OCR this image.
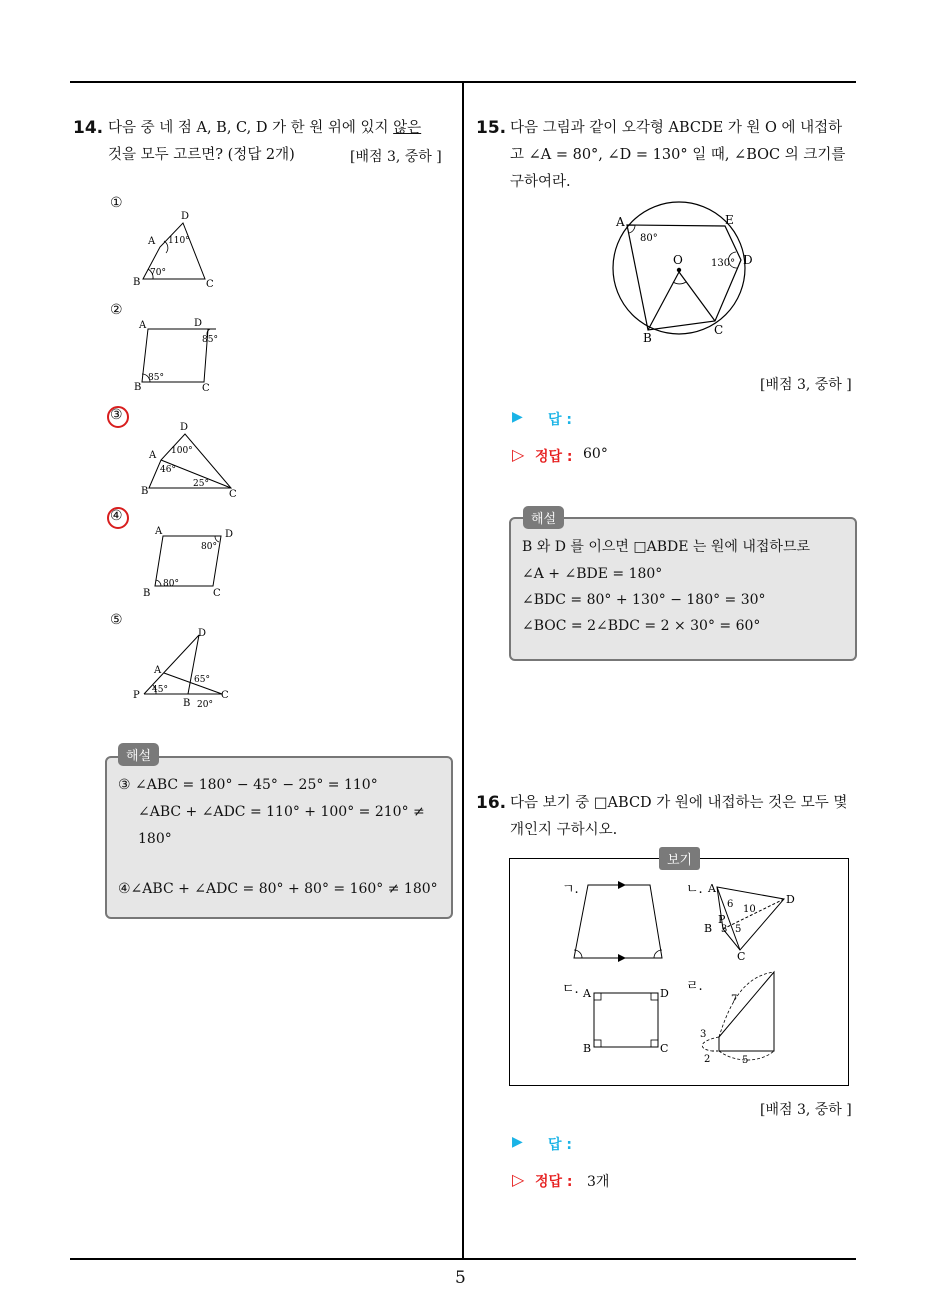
5
14. 다음 중 네 점 A, B, C, D 가 한 원 위에 있지 않은
것을 모두 고르면? (정답 2개)	[배점 3, 중하 ]
①
②
③
④
⑤
D
A 110°
B
70°
C
A	D
85°
B
85°
C
D
A 100°
46°
B
25°
C
A	D
80°
B
80°
C
D
A
65°
P 45°
B 20°
C
해설
③ ∠ABC = 180° − 45° − 25° = 110°
∠ABC + ∠ADC = 110° + 100° = 210° ≠
180°
④∠ABC + ∠ADC = 80° + 80° = 160° ≠ 180°
15. 다음 그림과 같이 오각형 ABCDE 가 원 O 에 내접하
고 ∠A = 80°, ∠D = 130° 일 때, ∠BOC 의 크기를
구하여라.
A
80°
E
O	130° D
C
B
[배점 3, 중하 ]
▶ 답 :
▷ 정답 : 60°
해설
B 와 D 를 이으면 □ABDE 는 원에 내접하므로
∠A + ∠BDE = 180°
∠BDC = 80° + 130° − 180° = 30°
∠BOC = 2∠BDC = 2 × 30° = 60°
16. 다음 보기 중 □ABCD 가 원에 내접하는 것은 모두 몇
개인지 구하시오.
보기
ㄱ.	ㄴ. A
D
P
B
C
6 10
3 5
ㄷ. A	D
B	C
ㄹ.
7
3
2	5
[배점 3, 중하 ]
▶ 답 :
▷ 정답 : 3개
